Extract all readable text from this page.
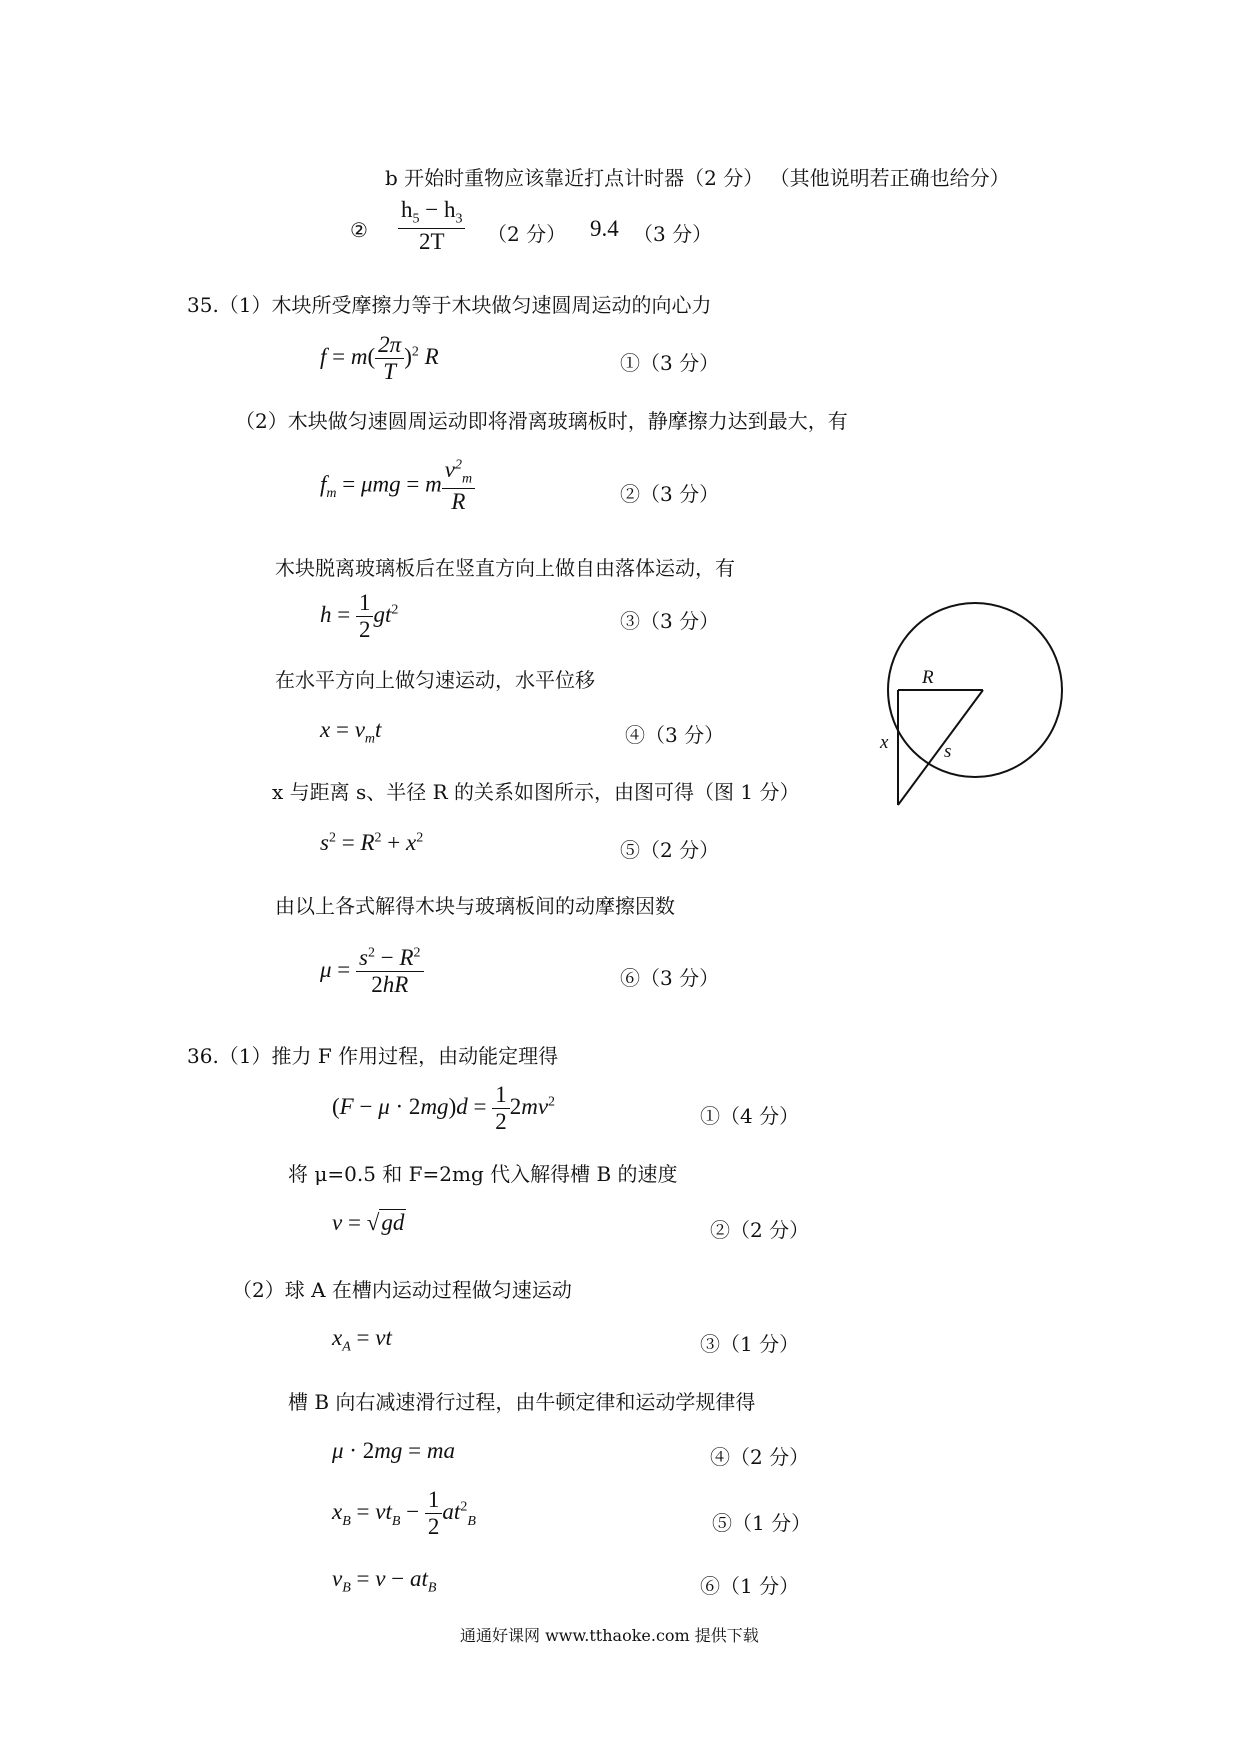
b 开始时重物应该靠近打点计时器（2 分） （其他说明若正确也给分）
② $\frac{h_5 - h_3}{2T} (2$ 分） 9.4 （3 分）
35.（1）木块所受摩擦力等于木块做匀速圆周运动的向心力
$f = m( \frac{2\pi}{T} )^2$ R	①（3 分）
（2）木块做匀速圆周运动即将滑离玻璃板时，静摩擦力达到最大，有
$f_m = \mu mg = m \frac{v^2_m}{R}$	②（3 分）
木块脱离玻璃板后在竖直方向上做自由落体运动，有
$h = \frac{1}{2} gt^2$	③（3 分）
在水平方向上做匀速运动，水平位移
$x = v_mt$	④（3 分）
x 与距离 s、半径 R 的关系如图所示，由图可得（图 1 分）
$s^2 = R^2 + x^2$
⑤（2 分）
由以上各式解得木块与玻璃板间的动摩擦因数
$\mu = \frac{s^2 - R^2}{2hR}$	⑥（3 分）
R
x	s
36.（1）推力 F 作用过程，由动能定理得
$(F - \mu \cdot 2mg)d = \frac{1}{2} 2mv^2$
①（4 分）
将 μ=0.5 和 F=2mg 代入解得槽 B 的速度
v = √gd	②（2 分）
（2）球 A 在槽内运动过程做匀速运动
$x_A$ = vt	③（1 分）
槽 B 向右减速滑行过程，由牛顿定律和运动学规律得
μ · 2mg = ma	④（2 分）
$x_B = vt_B - \frac{1}{2} at^2_B$	⑤（1 分）
$v_B = v - at_B$	⑥（1 分）
通通好课网 www.tthaoke.com 提供下载
